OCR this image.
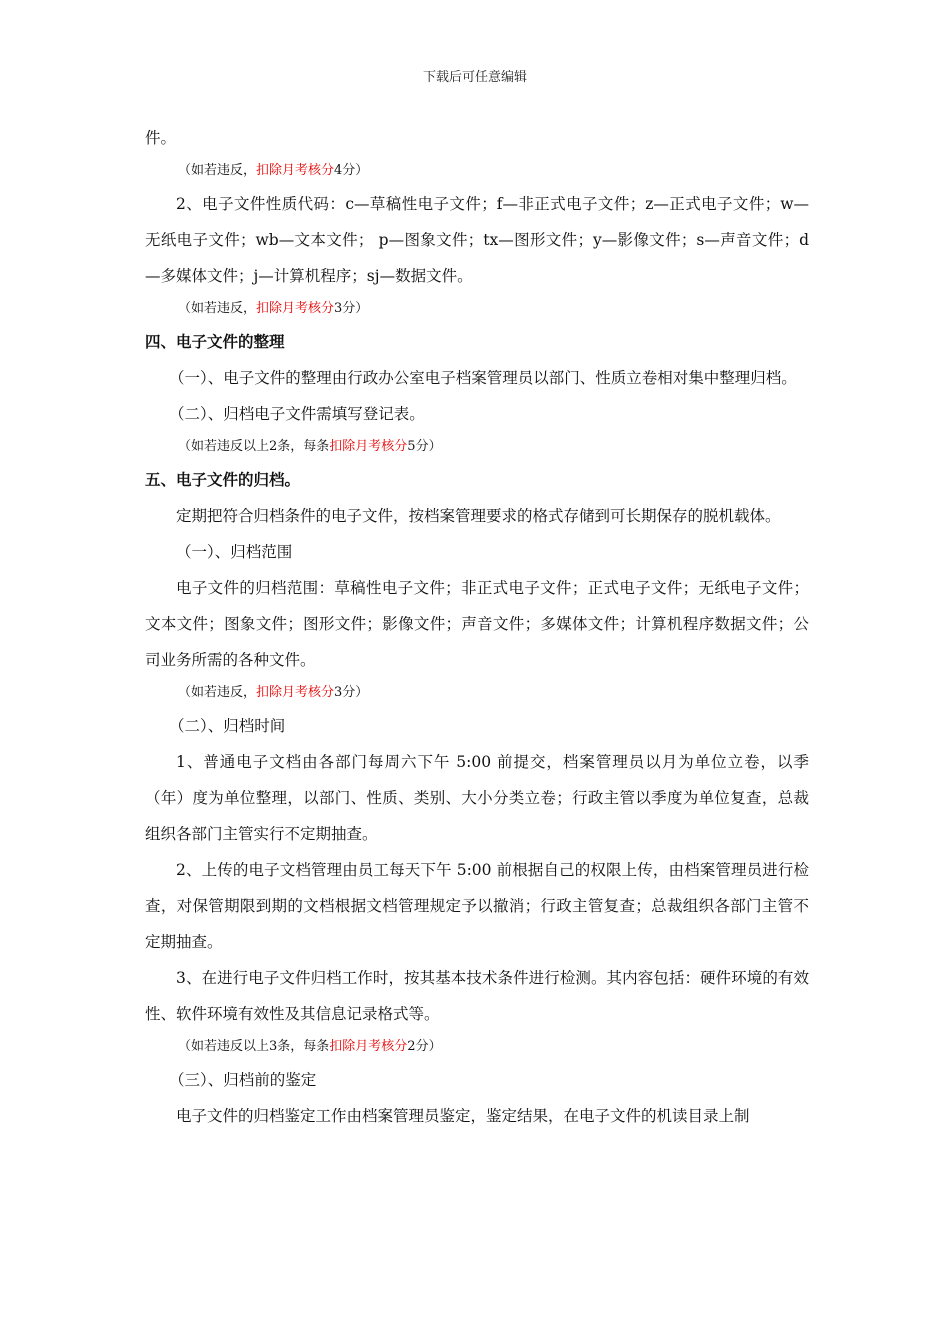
下载后可任意编辑

件。

（如若违反，扣除月考核分4分）

2、电子文件性质代码：c—草稿性电子文件；f—非正式电子文件；z—正式电子文件；w—无纸电子文件；wb—文本文件； p—图象文件；tx—图形文件；y—影像文件；s—声音文件；d—多媒体文件；j—计算机程序；sj—数据文件。

（如若违反，扣除月考核分3分）

四、电子文件的整理

（一）、电子文件的整理由行政办公室电子档案管理员以部门、性质立卷相对集中整理归档。

（二）、归档电子文件需填写登记表。

（如若违反以上2条，每条扣除月考核分5分）

五、电子文件的归档。

定期把符合归档条件的电子文件，按档案管理要求的格式存储到可长期保存的脱机载体。

（一）、归档范围

电子文件的归档范围：草稿性电子文件；非正式电子文件；正式电子文件；无纸电子文件；文本文件；图象文件；图形文件；影像文件；声音文件；多媒体文件；计算机程序数据文件；公司业务所需的各种文件。

（如若违反，扣除月考核分3分）

（二）、归档时间

1、普通电子文档由各部门每周六下午 5:00 前提交，档案管理员以月为单位立卷，以季（年）度为单位整理，以部门、性质、类别、大小分类立卷；行政主管以季度为单位复查，总裁组织各部门主管实行不定期抽查。

2、上传的电子文档管理由员工每天下午 5:00 前根据自己的权限上传，由档案管理员进行检查，对保管期限到期的文档根据文档管理规定予以撤消；行政主管复查；总裁组织各部门主管不定期抽查。

3、在进行电子文件归档工作时，按其基本技术条件进行检测。其内容包括：硬件环境的有效性、软件环境有效性及其信息记录格式等。

（如若违反以上3条，每条扣除月考核分2分）

（三）、归档前的鉴定

电子文件的归档鉴定工作由档案管理员鉴定，鉴定结果，在电子文件的机读目录上制
